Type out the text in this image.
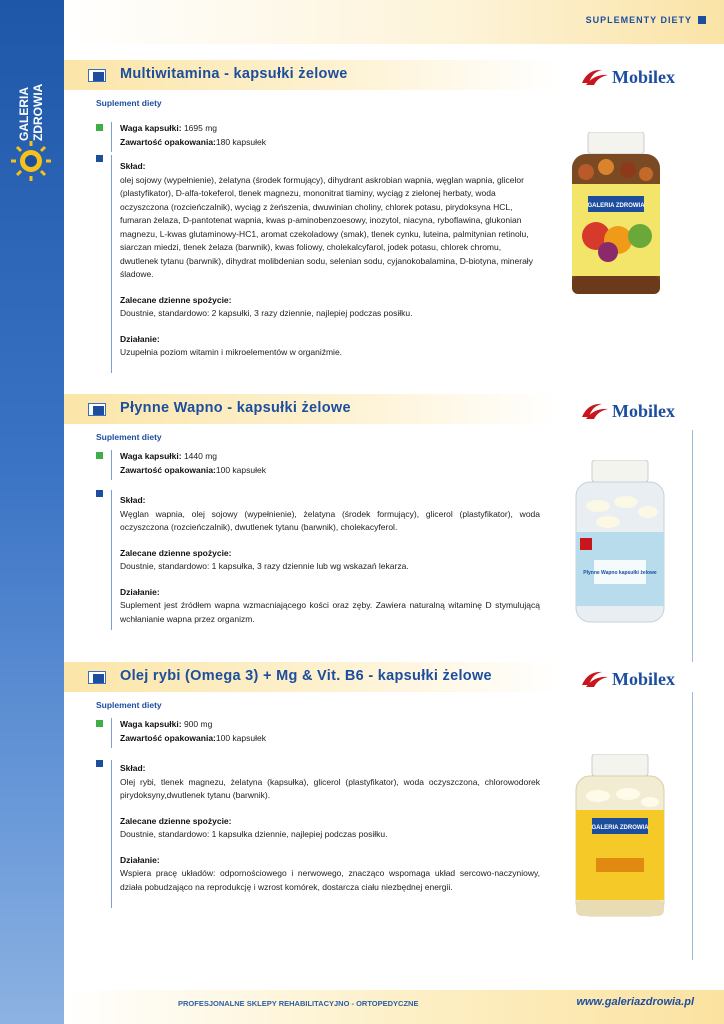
GALERIA ZDROWIA
SUPLEMENTY DIETY
Multiwitamina - kapsułki żelowe	Mobilex
Suplement diety

Waga kapsułki: 1695 mg

Zawartość opakowania:180 kapsułek

Skład:

olej sojowy (wypełnienie), żelatyna (środek formujący), dihydrant askrobian wapnia, węglan wapnia, glicelor (plastyfikator), D-alfa-tokeferol, tlenek magnezu, mononitrat tiaminy, wyciąg z zielonej herbaty, woda oczyszczona (rozcieńczalnik), wyciąg z żeńszenia, dwuwinian choliny, chlorek potasu, pirydoksyna HCL, fumaran żelaza, D-pantotenat wapnia, kwas p-aminobenzoesowy, inozytol, niacyna, ryboflawina, glukonian magnezu, L-kwas glutaminowy-HC1, aromat czekoladowy (smak), tlenek cynku, luteina, palmitynian retinolu, siarczan miedzi, tlenek żelaza (barwnik), kwas foliowy, cholekalcyfarol, jodek potasu, chlorek chromu, dwutlenek tytanu (barwnik), dihydrat molibdenian sodu, selenian sodu, cyjanokobalamina, D-biotyna, minerały śladowe.

Zalecane dzienne spożycie:

Doustnie, standardowo: 2 kapsułki, 3 razy dziennie, najlepiej podczas posiłku.

Działanie:

Uzupełnia poziom witamin i mikroelementów w organiźmie.

GALERIA ZDROWIA
Płynne Wapno - kapsułki żelowe	Mobilex
Suplement diety

Waga kapsułki: 1440 mg

Zawartość opakowania:100 kapsułek

Skład:

Węglan wapnia, olej sojowy (wypełnienie), żelatyna (środek formujący), glicerol (plastyfikator), woda oczyszczona (rozcieńczalnik), dwutlenek tytanu (barwnik), cholekacyferol.

Zalecane dzienne spożycie:

Doustnie, standardowo: 1 kapsułka, 3 razy dziennie lub wg wskazań lekarza.

Działanie:

Suplement jest źródłem wapna wzmacniającego kości oraz zęby. Zawiera naturalną witaminę D stymulującą wchłanianie wapna przez organizm.

Płynne Wapno kapsułki żelowe
Olej rybi (Omega 3) + Mg & Vit. B6 - kapsułki żelowe	Mobilex
Suplement diety

Waga kapsułki: 900 mg

Zawartość opakowania:100 kapsułek

Skład:

Olej rybi, tlenek magnezu, żelatyna (kapsułka), glicerol (plastyfikator), woda oczyszczona, chlorowodorek pirydoksyny,dwutlenek tytanu (barwnik).

Zalecane dzienne spożycie:

Doustnie, standardowo: 1 kapsułka dziennie, najlepiej podczas posiłku.

Działanie:

Wspiera pracę układów: odpornościowego i nerwowego, znacząco wspomaga układ sercowo-naczyniowy, działa pobudzająco na reprodukcję i wzrost komórek, dostarcza ciału niezbędnej energii.

GALERIA ZDROWIA
PROFESJONALNE SKLEPY REHABILITACYJNO - ORTOPEDYCZNE	www.galeriazdrowia.pl
